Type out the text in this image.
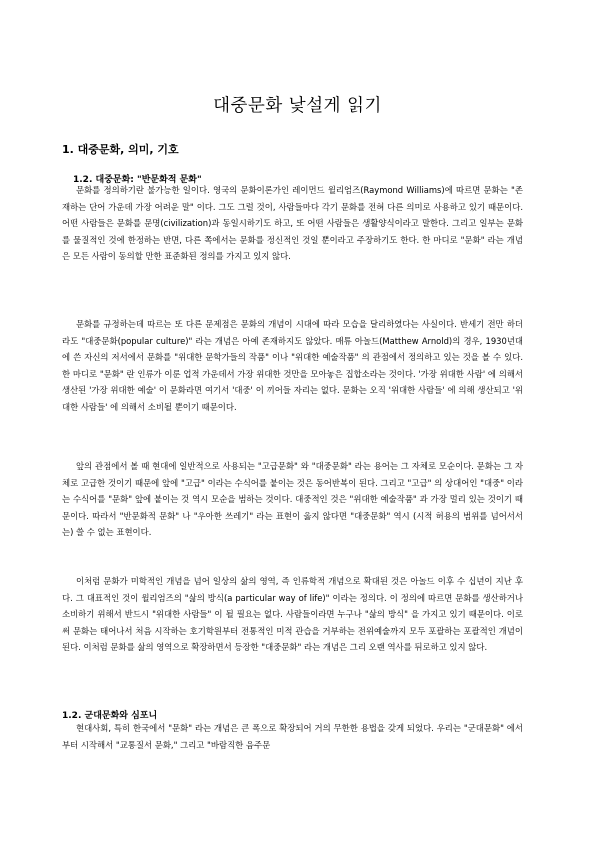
대중문화 낯설게 읽기
1. 대중문화, 의미, 기호
1.2. 대중문화: "반문화적 문화"

문화를 정의하기란 불가능한 일이다. 영국의 문화이론가인 레이먼드 윌리엄즈(Raymond Williams)에 따르면 문화는 "존재하는 단어 가운데 가장 어려운 말" 이다. 그도 그럴 것이, 사람들마다 각기 문화를 전혀 다른 의미로 사용하고 있기 때문이다. 어떤 사람들은 문화를 문명(civilization)과 동일시하기도 하고, 또 어떤 사람들은 생활양식이라고 말한다. 그리고 일부는 문화를 물질적인 것에 한정하는 반면, 다른 쪽에서는 문화를 정신적인 것일 뿐이라고 주장하기도 한다. 한 마디로 "문화" 라는 개념은 모든 사람이 동의할 만한 표준화된 정의를 가지고 있지 않다.

문화를 규정하는데 따르는 또 다른 문제점은 문화의 개념이 시대에 따라 모습을 달리하였다는 사실이다. 반세기 전만 하더라도 "대중문화(popular culture)" 라는 개념은 아예 존재하지도 않았다. 매튜 아놀드(Matthew Arnold)의 경우, 1930년대에 쓴 자신의 저서에서 문화를 "위대한 문학가들의 작품" 이나 "위대한 예술작품" 의 관점에서 정의하고 있는 것을 볼 수 있다. 한 마디로 "문화" 란 인류가 이룬 업적 가운데서 가장 위대한 것만을 모아놓은 집합소라는 것이다. '가장 위대한 사람' 에 의해서 생산된 '가장 위대한 예술' 이 문화라면 여기서 '대중' 이 끼어들 자리는 없다. 문화는 오직 '위대한 사람들' 에 의해 생산되고 '위대한 사람들' 에 의해서 소비될 뿐이기 때문이다.

앞의 관점에서 볼 때 현대에 일반적으로 사용되는 "고급문화" 와 "대중문화" 라는 용어는 그 자체로 모순이다. 문화는 그 자체로 고급한 것이기 때문에 앞에 "고급" 이라는 수식어를 붙이는 것은 동어반복이 된다. 그리고 "고급" 의 상대어인 "대중" 이라는 수식어를 "문화" 앞에 붙이는 것 역시 모순을 범하는 것이다. 대중적인 것은 "위대한 예술작품" 과 가장 멀리 있는 것이기 때문이다. 따라서 "반문화적 문화" 나 "우아한 쓰레기" 라는 표현이 옳지 않다면 "대중문화" 역시 (시적 허용의 범위를 넘어서서는) 쓸 수 없는 표현이다.

이처럼 문화가 미학적인 개념을 넘어 일상의 삶의 영역, 즉 인류학적 개념으로 확대된 것은 아놀드 이후 수 십년이 지난 후다. 그 대표적인 것이 윌리엄즈의 "삶의 방식(a particular way of life)" 이라는 정의다. 이 정의에 따르면 문화를 생산하거나 소비하기 위해서 반드시 "위대한 사람들" 이 될 필요는 없다. 사람들이라면 누구나 "삶의 방식" 을 가지고 있기 때문이다. 이로써 문화는 태어나서 처음 시작하는 호기학원부터 전통적인 미적 관습을 거부하는 전위예술까지 모두 포괄하는 포괄적인 개념이 된다. 이처럼 문화를 삶의 영역으로 확장하면서 등장한 "대중문화" 라는 개념은 그리 오랜 역사를 뒤로하고 있지 않다.

1.2. 군대문화와 심포니

현대사회, 특히 한국에서 "문화" 라는 개념은 큰 폭으로 확장되어 거의 무한한 용법을 갖게 되었다. 우리는 "군대문화" 에서부터 시작해서 "교통질서 문화," 그리고 "바람직한 음주문
